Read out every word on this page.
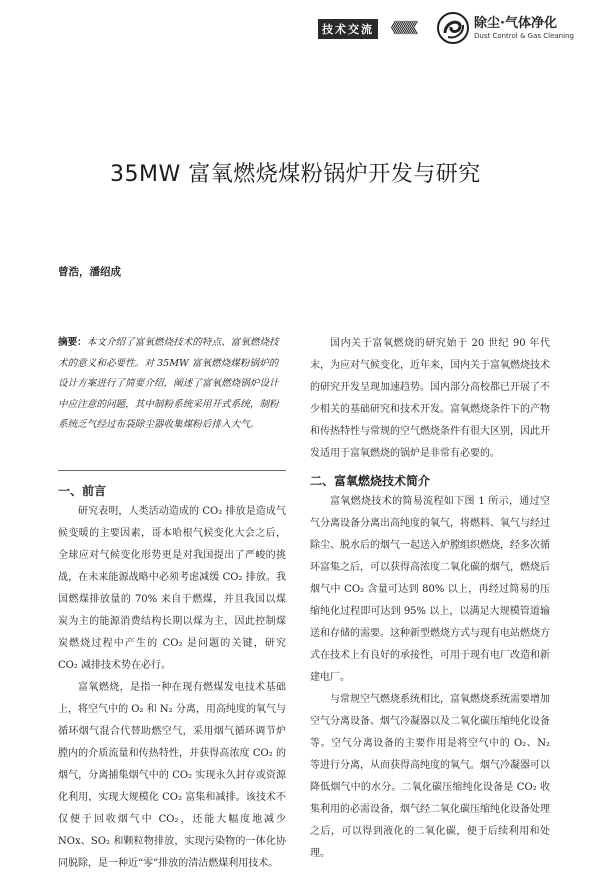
技术交流 《《《《《《	除尘·气体净化
Dust Control & Gas Cleaning
35MW 富氧燃烧煤粉锅炉开发与研究
曾浩，潘绍成

摘要：本文介绍了富氧燃烧技术的特点、富氧燃烧技术的意义和必要性。对 35MW 富氧燃烧煤粉锅炉的设计方案进行了简要介绍，阐述了富氧燃烧锅炉设计中应注意的问题，其中制粉系统采用开式系统，制粉系统乏气经过布袋除尘器收集煤粉后排入大气。

一、前言

研究表明，人类活动造成的 CO₂ 排放是造成气候变暖的主要因素，哥本哈根气候变化大会之后，全球应对气候变化形势更是对我国提出了严峻的挑战，在未来能源战略中必须考虑减缓 CO₂ 排放。我国燃煤排放量的 70% 来自于燃煤，并且我国以煤炭为主的能源消费结构长期以煤为主，因此控制煤炭燃烧过程中产生的 CO₂ 是问题的关键，研究 CO₂ 减排技术势在必行。

富氧燃烧，是指一种在现有燃煤发电技术基础上，将空气中的 O₂ 和 N₂ 分离，用高纯度的氧气与循环烟气混合代替助燃空气，采用烟气循环调节炉膛内的介质流量和传热特性，并获得高浓度 CO₂ 的烟气，分离捕集烟气中的 CO₂ 实现永久封存或资源化利用，实现大规模化 CO₂ 富集和减排。该技术不仅便于回收烟气中 CO₂，还能大幅度地减少 NOx、SO₂ 和颗粒物排放，实现污染物的一体化协同脱除，是一种近“零”排放的清洁燃煤利用技术。

国内关于富氧燃烧的研究始于 20 世纪 90 年代末，为应对气候变化，近年来，国内关于富氧燃烧技术的研究开发呈现加速趋势。国内部分高校都已开展了不少相关的基础研究和技术开发。富氧燃烧条件下的产物和传热特性与常规的空气燃烧条件有很大区别，因此开发适用于富氧燃烧的锅炉是非常有必要的。

二、富氧燃烧技术简介

富氧燃烧技术的简易流程如下图 1 所示，通过空气分离设备分离出高纯度的氧气，将燃料、氧气与经过除尘、脱水后的烟气一起送入炉膛组织燃烧，经多次循环富集之后，可以获得高浓度二氧化碳的烟气，燃烧后烟气中 CO₂ 含量可达到 80% 以上，再经过简易的压缩纯化过程即可达到 95% 以上，以满足大规模管道输送和存储的需要。这种新型燃烧方式与现有电站燃烧方式在技术上有良好的承接性，可用于现有电厂改造和新建电厂。

与常规空气燃烧系统相比，富氧燃烧系统需要增加空气分离设备、烟气冷凝器以及二氧化碳压缩纯化设备等。空气分离设备的主要作用是将空气中的 O₂、N₂ 等进行分离，从而获得高纯度的氧气。烟气冷凝器可以降低烟气中的水分。二氧化碳压缩纯化设备是 CO₂ 收集利用的必需设备，烟气经二氧化碳压缩纯化设备处理之后，可以得到液化的二氧化碳，便于后续利用和处理。
